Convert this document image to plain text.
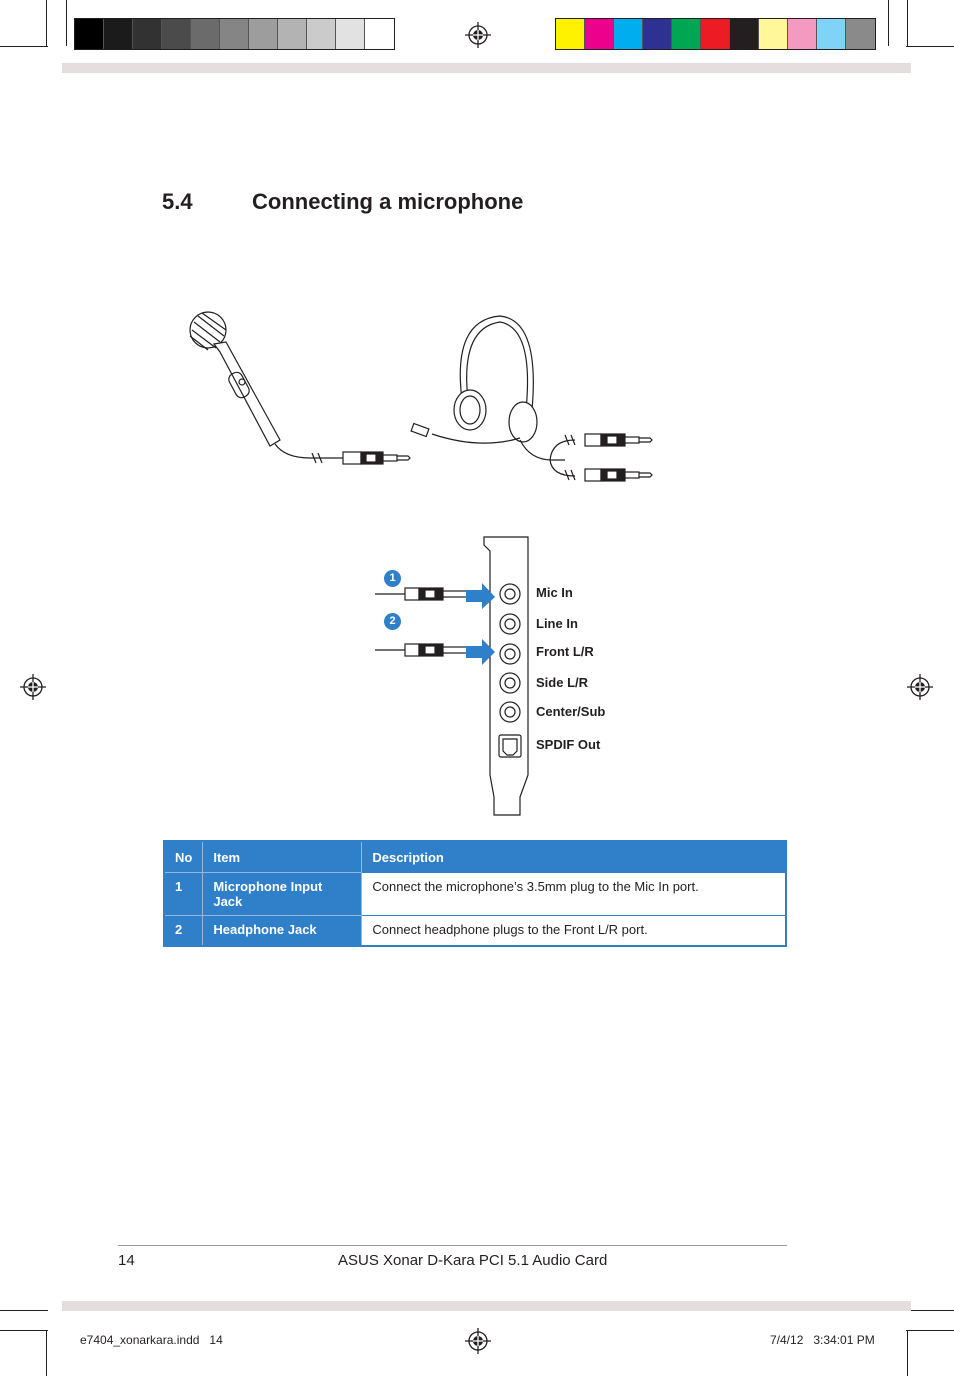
5.4	Connecting a microphone
1
2
Mic In
Line In
Front L/R
Side L/R
Center/Sub
SPDIF Out
No	Item	Description
1	Microphone Input Jack	Connect the microphone’s 3.5mm plug to the Mic In port.
2	Headphone Jack	Connect headphone plugs to the Front L/R port.
14	ASUS Xonar D-Kara PCI 5.1 Audio Card
e7404_xonarkara.indd   14	7/4/12   3:34:01 PM
